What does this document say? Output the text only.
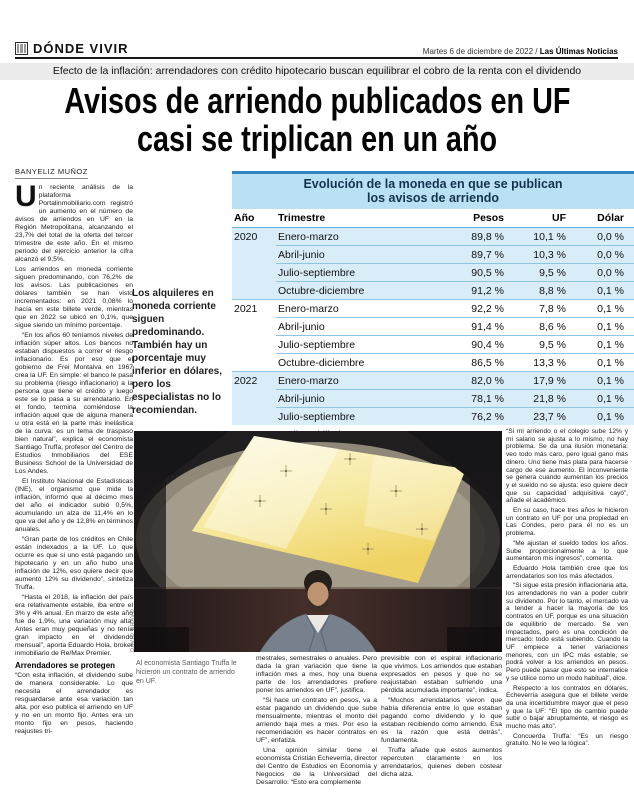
DÓNDE VIVIR	Martes 6 de diciembre de 2022 / Las Últimas Noticias
Efecto de la inflación: arrendadores con crédito hipotecario buscan equilibrar el cobro de la renta con el dividendo
Avisos de arriendo publicados en UF
casi se triplican en un año
BANYELIZ MUÑOZ

Un reciente análisis de la plataforma Portalinmobiliario.com registró un aumento en el número de avisos de arriendos en UF en la Región Metropolitana, alcanzando el 23,7% del total de la oferta del tercer trimestre de este año. En el mismo periodo del ejercicio anterior la cifra alcanzó el 9,5%.

Los arriendos en moneda corriente siguen predominando, con 76,2% de los avisos. Las publicaciones en dólares también se han visto incrementados: en 2021 0,08% lo hacía en este billete verde, mientras que en 2022 se ubicó en 0,1%, que sigue siendo un mínimo porcentaje.

“En los años 60 teníamos niveles de inflación súper altos. Los bancos no estaban dispuestos a correr el riesgo inflacionario. Es por eso que el gobierno de Frei Montalva en 1967 crea la UF. En simple: el banco le pasa su problema (riesgo inflacionario) a la persona que tiene el crédito y luego este se lo pasa a su arrendatario. En el fondo, termina comiéndose la inflación aquel que de alguna manera u otra está en la parte más inelástica de la curva: es un tema de traspaso bien natural”, explica el economista Santiago Truffa, profesor del Centro de Estudios Inmobiliarios del ESE Business School de la Universidad de Los Andes.

El Instituto Nacional de Estadísticas (INE), el organismo que mide la inflación, informó que al décimo mes del año el indicador subió 0,5%, acumulando un alza de 11,4% en lo que va del año y de 12,8% en términos anuales.

“Gran parte de los créditos en Chile están indexados a la UF. Lo que ocurre es que si uno está pagando un hipotecario y en un año hubo una inflación de 12%, eso quiere decir que aumentó 12% su dividendo”, sintetiza Truffa.

“Hasta el 2018, la inflación del país era relativamente estable, iba entre el 3% y 4% anual. En marzo de este año fue de 1,9%, una variación muy alta. Antes eran muy pequeñas y no tenía gran impacto en el dividendo mensual”, aporta Eduardo Hola, broker inmobiliario de Re/Max Premier.

Arrendadores se protegen

“Con esta inflación, el dividendo sube de manera considerable. Lo que necesita el arrendador es resguardarse ante esa variación tan alta, por eso publica el arriendo en UF y no en un monto fijo. Antes era un monto fijo en pesos, haciendo reajustes tri-

Los alquileres en moneda corriente siguen predominando. También hay un porcentaje muy inferior en dólares, pero los especialistas no lo recomiendan.
Evolución de la moneda en que se publican
los avisos de arriendo
Año	Trimestre	Pesos	UF	Dólar
2020	Enero-marzo	89,8 %	10,1 %	0,0 %
	Abril-junio	89,7 %	10,3 %	0,0 %
	Julio-septiembre	90,5 %	9,5 %	0,0 %
	Octubre-diciembre	91,2 %	8,8 %	0,1 %
2021	Enero-marzo	92,2 %	7,8 %	0,1 %
	Abril-junio	91,4 %	8,6 %	0,1 %
	Julio-septiembre	90,4 %	9,5 %	0,1 %
	Octubre-diciembre	86,5 %	13,3 %	0,1 %
2022	Enero-marzo	82,0 %	17,9 %	0,1 %
	Abril-junio	78,1 %	21,8 %	0,1 %
	Julio-septiembre	76,2 %	23,7 %	0,1 %
DAVID BRAVO
Al economista Santiago Truffa le hicieron un contrato de arriendo en UF.

mestrales, semestrales o anuales. Pero dada la gran variación que tiene la inflación mes a mes, hoy una buena parte de los arrendadores prefiere poner los arriendos en UF”, justifica.

“Si hace un contrato en pesos, va a estar pagando un dividendo que sube mensualmente, mientras el monto del arriendo baja mes a mes. Por eso la recomendación es hacer contratos en UF”, enfatiza.

Una opinión similar tiene el economista Cristián Echeverría, director del Centro de Estudios en Economía y Negocios de la Universidad del Desarrollo: “Esto era complemente

previsible con el espiral inflacionario que vivimos. Los arriendos que estaban expresados en pesos y que no se reajustaban estaban sufriendo una pérdida acumulada importante”, indica.

“Muchos arrendatarios vieron que había diferencia entre lo que estaban pagando como dividendo y lo que estaban recibiendo como arriendo. Esa es la razón que está detrás”, fundamenta.

Truffa añade que estos aumentos repercuten claramente en los arrendatarios, quienes deben costear dicha alza.

“Si mi arriendo o el colegio sube 12% y mi salario se ajusta a lo mismo, no hay problema. Se da una ilusión monetaria: veo todo más caro, pero igual gano más dinero. Uno tiene más plata para hacerse cargo de ese aumento. El inconveniente se genera cuando aumentan los precios y el sueldo no se ajusta: eso quiere decir que su capacidad adquisitiva cayó”, añade el académico.

En su caso, hace tres años le hicieron un contrato en UF por una propiedad en Las Condes, pero para él no es un problema.

“Me ajustan el sueldo todos los años. Sube proporcionalmente a lo que aumentaron mis ingresos”, comenta.

Eduardo Hola también cree que los arrendatarios son los más afectados.

“Si sigue esta presión inflacionaria alta, los arrendadores no van a poder cubrir su dividendo. Por lo tanto, el mercado va a tender a hacer la mayoría de los contratos en UF, porque es una situación de equilibrio de mercado. Se ven impactados, pero es una condición de mercado: todo está subiendo. Cuando la UF empiece a tener variaciones menores, con un IPC más estable, se podrá volver a los arriendos en pesos. Pero puede pasar que esto se internalice y se utilice como un modo habitual”, dice.

Respecto a los contratos en dólares, Echeverría asegura que el billete verde da una incertidumbre mayor que el peso y que la UF: “El tipo de cambio puede subir o bajar abruptamente, el riesgo es mucho más alto”.

Concuerda Truffa: “Es un riesgo gratuito. No le veo la lógica”.
